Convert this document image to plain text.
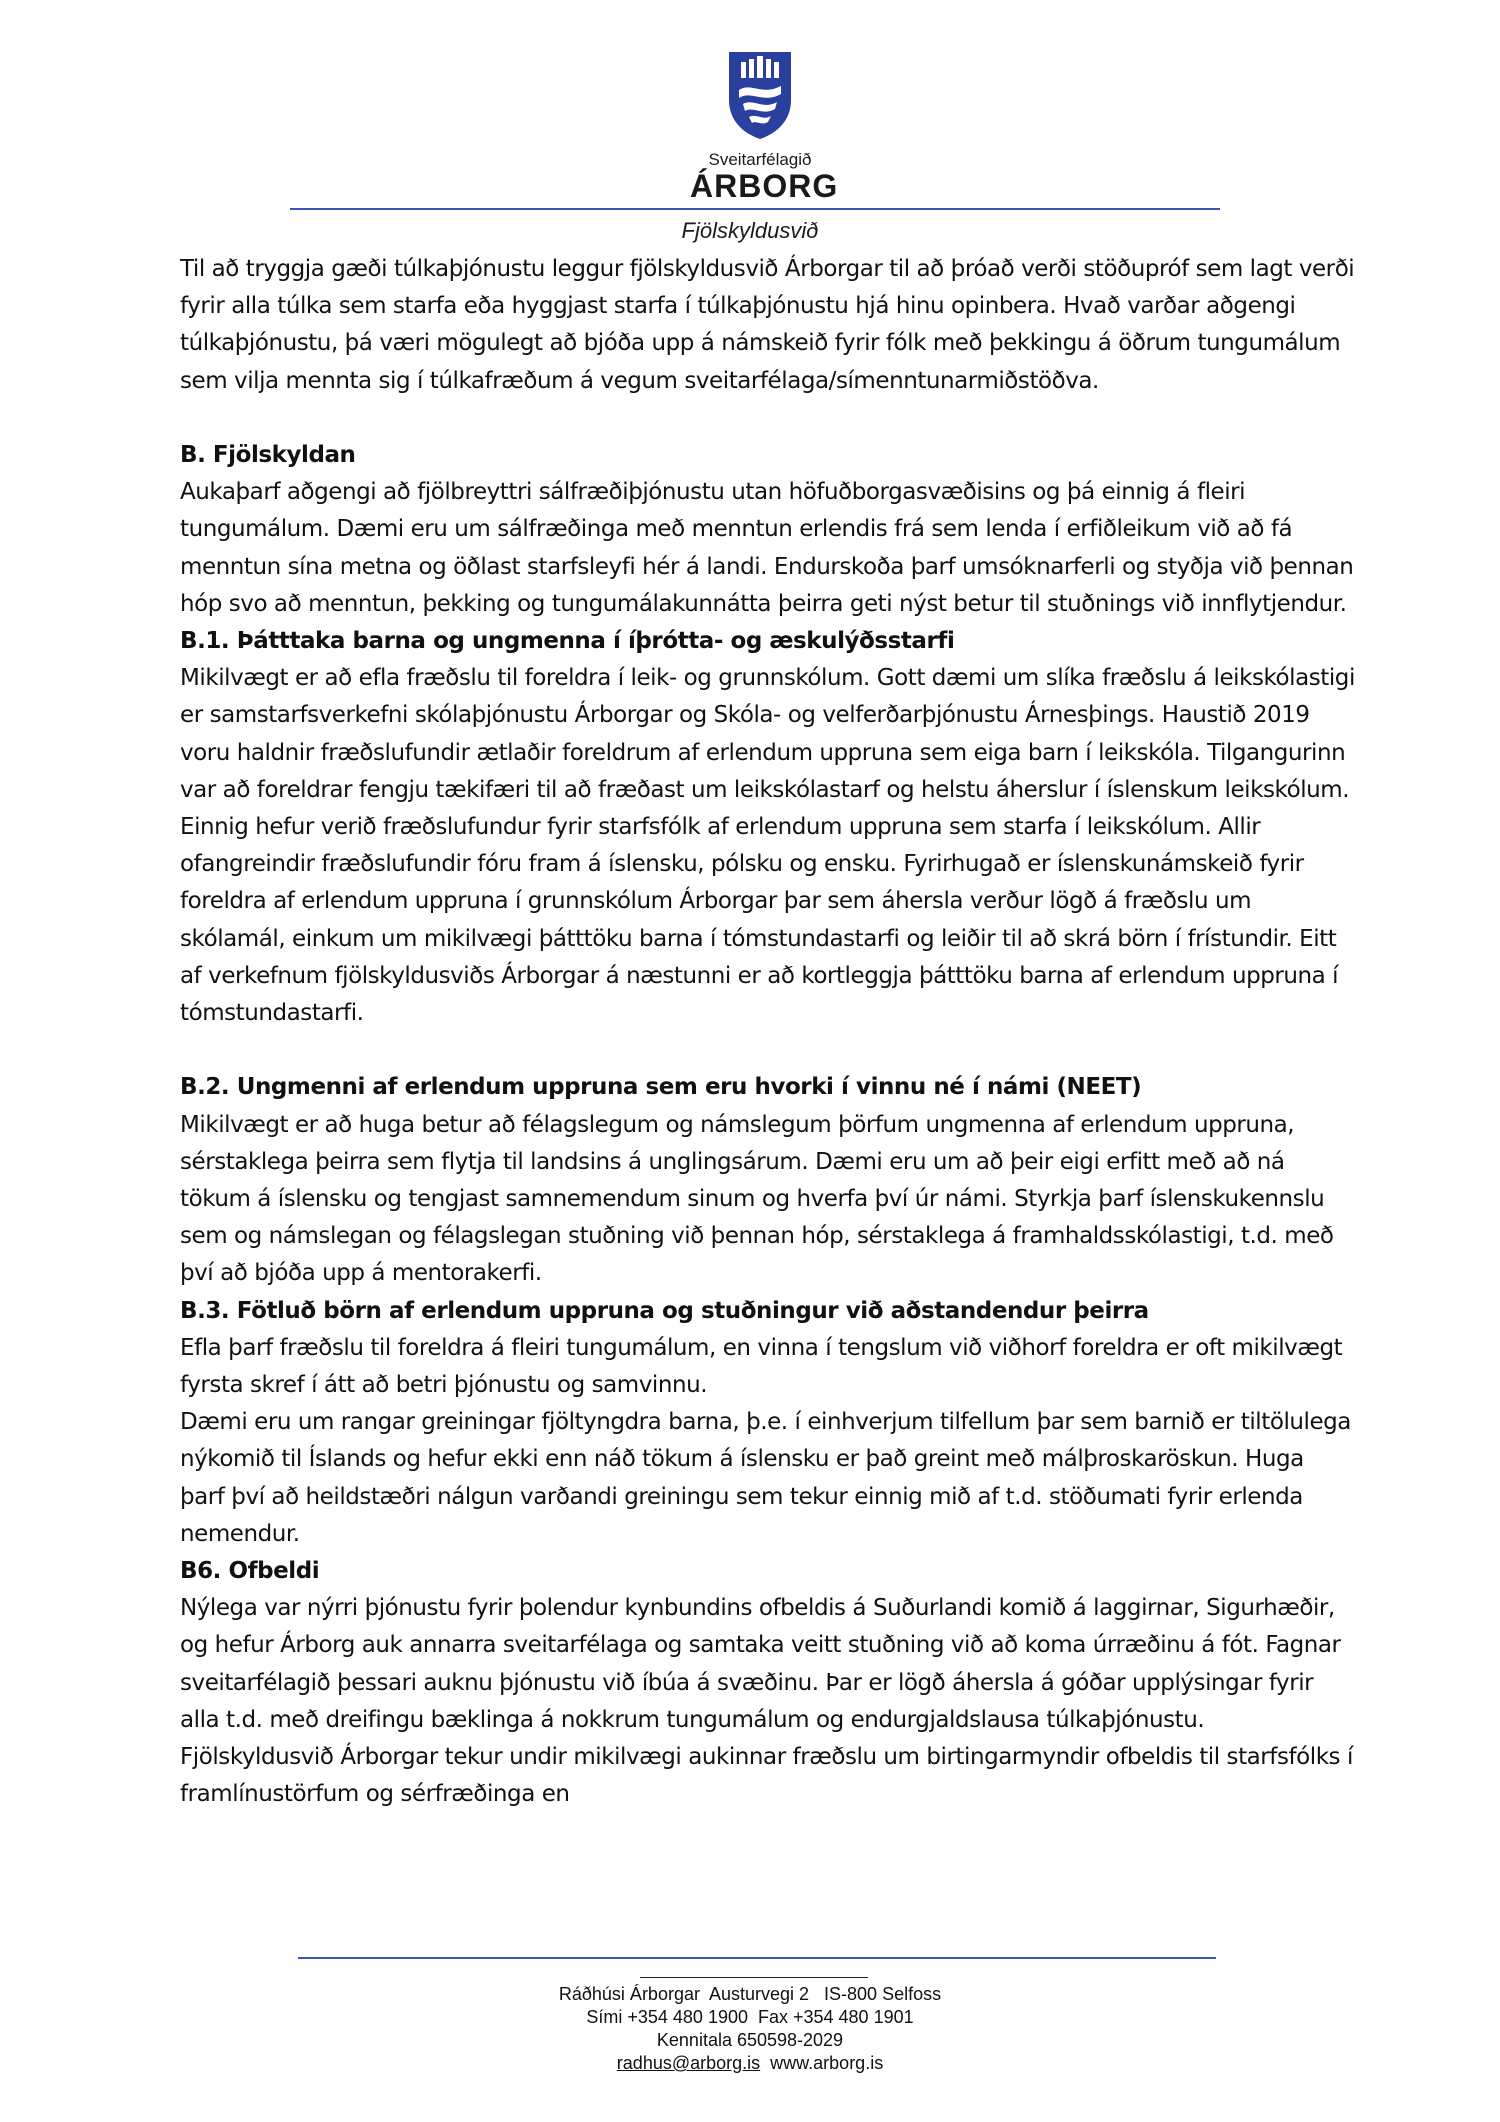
Sveitarfélagið
ÁRBORG
Fjölskyldusvið
Til að tryggja gæði túlkaþjónustu leggur fjölskyldusvið Árborgar til að þróað verði stöðupróf sem lagt verði fyrir alla túlka sem starfa eða hyggjast starfa í túlkaþjónustu hjá hinu opinbera. Hvað varðar aðgengi túlkaþjónustu, þá væri mögulegt að bjóða upp á námskeið fyrir fólk með þekkingu á öðrum tungumálum sem vilja mennta sig í túlkafræðum á vegum sveitarfélaga/símenntunarmiðstöðva.
B. Fjölskyldan
Aukaþarf aðgengi að fjölbreyttri sálfræðiþjónustu utan höfuðborgasvæðisins og þá einnig á fleiri tungumálum. Dæmi eru um sálfræðinga með menntun erlendis frá sem lenda í erfiðleikum við að fá menntun sína metna og öðlast starfsleyfi hér á landi. Endurskoða þarf umsóknarferli og styðja við þennan hóp svo að menntun, þekking og tungumálakunnátta þeirra geti nýst betur til stuðnings við innflytjendur.
B.1. Þátttaka barna og ungmenna í íþrótta- og æskulýðsstarfi
Mikilvægt er að efla fræðslu til foreldra í leik- og grunnskólum. Gott dæmi um slíka fræðslu á leikskólastigi er samstarfsverkefni skólaþjónustu Árborgar og Skóla- og velferðarþjónustu Árnesþings. Haustið 2019 voru haldnir fræðslufundir ætlaðir foreldrum af erlendum uppruna sem eiga barn í leikskóla. Tilgangurinn var að foreldrar fengju tækifæri til að fræðast um leikskólastarf og helstu áherslur í íslenskum leikskólum. Einnig hefur verið fræðslufundur fyrir starfsfólk af erlendum uppruna sem starfa í leikskólum. Allir ofangreindir fræðslufundir fóru fram á íslensku, pólsku og ensku. Fyrirhugað er íslenskunámskeið fyrir foreldra af erlendum uppruna í grunnskólum Árborgar þar sem áhersla verður lögð á fræðslu um skólamál, einkum um mikilvægi þátttöku barna í tómstundastarfi og leiðir til að skrá börn í frístundir. Eitt af verkefnum fjölskyldusviðs Árborgar á næstunni er að kortleggja þátttöku barna af erlendum uppruna í tómstundastarfi.
B.2. Ungmenni af erlendum uppruna sem eru hvorki í vinnu né í námi (NEET)
Mikilvægt er að huga betur að félagslegum og námslegum þörfum ungmenna af erlendum uppruna, sérstaklega þeirra sem flytja til landsins á unglingsárum. Dæmi eru um að þeir eigi erfitt með að ná tökum á íslensku og tengjast samnemendum sinum og hverfa því úr námi. Styrkja þarf íslenskukennslu sem og námslegan og félagslegan stuðning við þennan hóp, sérstaklega á framhaldsskólastigi, t.d. með því að bjóða upp á mentorakerfi.
B.3. Fötluð börn af erlendum uppruna og stuðningur við aðstandendur þeirra
Efla þarf fræðslu til foreldra á fleiri tungumálum, en vinna í tengslum við viðhorf foreldra er oft mikilvægt fyrsta skref í átt að betri þjónustu og samvinnu.
Dæmi eru um rangar greiningar fjöltyngdra barna, þ.e. í einhverjum tilfellum þar sem barnið er tiltölulega nýkomið til Íslands og hefur ekki enn náð tökum á íslensku er það greint með málþroskaröskun. Huga þarf því að heildstæðri nálgun varðandi greiningu sem tekur einnig mið af t.d. stöðumati fyrir erlenda nemendur.
B6. Ofbeldi
Nýlega var nýrri þjónustu fyrir þolendur kynbundins ofbeldis á Suðurlandi komið á laggirnar, Sigurhæðir, og hefur Árborg auk annarra sveitarfélaga og samtaka veitt stuðning við að koma úrræðinu á fót. Fagnar sveitarfélagið þessari auknu þjónustu við íbúa á svæðinu. Þar er lögð áhersla á góðar upplýsingar fyrir alla t.d. með dreifingu bæklinga á nokkrum tungumálum og endurgjaldslausa túlkaþjónustu. Fjölskyldusvið Árborgar tekur undir mikilvægi aukinnar fræðslu um birtingarmyndir ofbeldis til starfsfólks í framlínustörfum og sérfræðinga en
Ráðhúsi Árborgar  Austurvegi 2   IS-800 Selfoss
Sími +354 480 1900  Fax +354 480 1901
Kennitala 650598-2029
radhus@arborg.is www.arborg.is
